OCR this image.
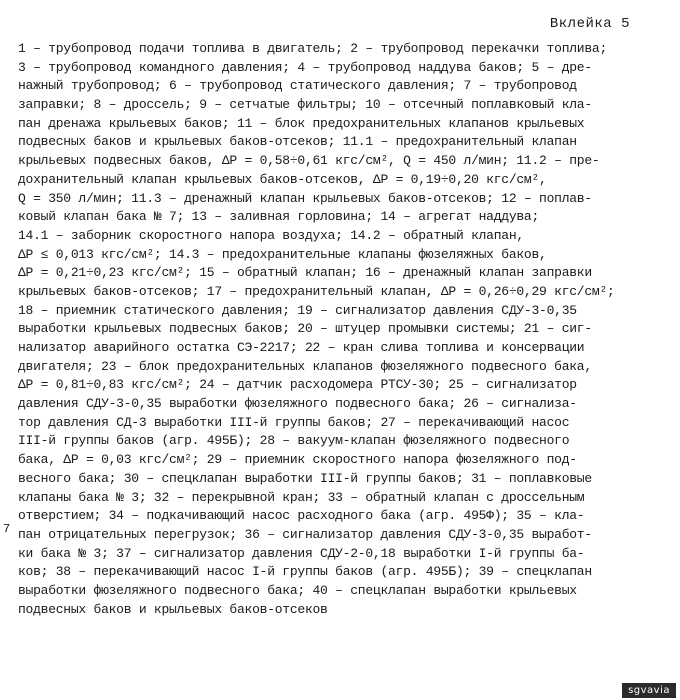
Вклейка 5
1 – трубопровод подачи топлива в двигатель; 2 – трубопровод перекачки топлива;
3 – трубопровод командного давления; 4 – трубопровод наддува баков; 5 – дре-
нажный трубопровод; 6 – трубопровод статического давления; 7 – трубопровод
заправки; 8 – дроссель; 9 – сетчатые фильтры; 10 – отсечный поплавковый кла-
пан дренажа крыльевых баков; 11 – блок предохранительных клапанов крыльевых
подвесных баков и крыльевых баков-отсеков; 11.1 – предохранительный клапан
крыльевых подвесных баков, ΔР = 0,58÷0,61 кгс/см², Q = 450 л/мин; 11.2 – пре-
дохранительный клапан крыльевых баков-отсеков, ΔР = 0,19÷0,20 кгс/см²,
Q = 350 л/мин; 11.3 – дренажный клапан крыльевых баков-отсеков; 12 – поплав-
ковый клапан бака № 7; 13 – заливная горловина; 14 – агрегат наддува;
14.1 – заборник скоростного напора воздуха; 14.2 – обратный клапан,
ΔР ≤ 0,013 кгс/см²; 14.3 – предохранительные клапаны фюзеляжных баков,
ΔР = 0,21÷0,23 кгс/см²; 15 – обратный клапан; 16 – дренажный клапан заправки
крыльевых баков-отсеков; 17 – предохранительный клапан, ΔР = 0,26÷0,29 кгс/см²;
18 – приемник статического давления; 19 – сигнализатор давления СДУ-3-0,35
выработки крыльевых подвесных баков; 20 – штуцер промывки системы; 21 – сиг-
нализатор аварийного остатка СЭ-2217; 22 – кран слива топлива и консервации
двигателя; 23 – блок предохранительных клапанов фюзеляжного подвесного бака,
ΔР = 0,81÷0,83 кгс/см²; 24 – датчик расходомера РТСУ-30; 25 – сигнализатор
давления СДУ-3-0,35 выработки фюзеляжного подвесного бака; 26 – сигнализа-
тор давления СД-3 выработки III-й группы баков; 27 – перекачивающий насос
III-й группы баков (агр. 495Б); 28 – вакуум-клапан фюзеляжного подвесного
бака, ΔР = 0,03 кгс/см²; 29 – приемник скоростного напора фюзеляжного под-
весного бака; 30 – спецклапан выработки III-й группы баков; 31 – поплавковые
клапаны бака № 3; 32 – перекрывной кран; 33 – обратный клапан с дроссельным
отверстием; 34 – подкачивающий насос расходного бака (агр. 495Ф); 35 – кла-
пан отрицательных перегрузок; 36 – сигнализатор давления СДУ-3-0,35 выработ-
ки бака № 3; 37 – сигнализатор давления СДУ-2-0,18 выработки I-й группы ба-
ков; 38 – перекачивающий насос I-й группы баков (агр. 495Б); 39 – спецклапан
выработки фюзеляжного подвесного бака; 40 – спецклапан выработки крыльевых
подвесных баков и крыльевых баков-отсеков
7
sgvavia
